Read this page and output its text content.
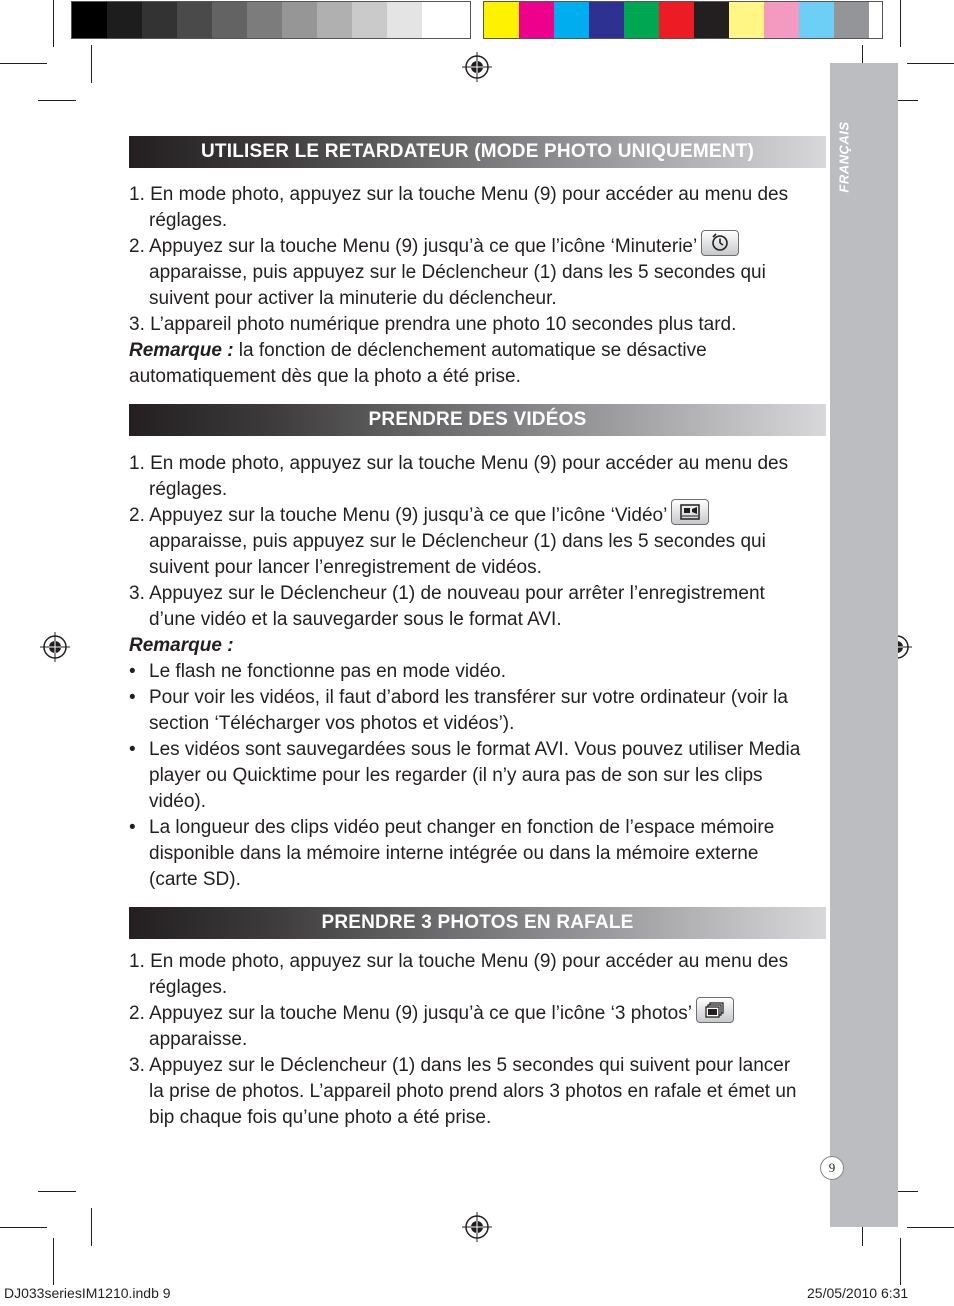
FRANÇAIS
9
UTILISER LE RETARDATEUR (MODE PHOTO UNIQUEMENT)
1. En mode photo, appuyez sur la touche Menu (9) pour accéder au menu des
réglages.
2. Appuyez sur la touche Menu (9) jusqu’à ce que l’icône ‘Minuterie’
apparaisse, puis appuyez sur le Déclencheur (1) dans les 5 secondes qui
suivent pour activer la minuterie du déclencheur.
3. L’appareil photo numérique prendra une photo 10 secondes plus tard.
Remarque : la fonction de déclenchement automatique se désactive
automatiquement dès que la photo a été prise.
PRENDRE DES VIDÉOS
1. En mode photo, appuyez sur la touche Menu (9) pour accéder au menu des
réglages.
2. Appuyez sur la touche Menu (9) jusqu’à ce que l’icône ‘Vidéo’
apparaisse, puis appuyez sur le Déclencheur (1) dans les 5 secondes qui
suivent pour lancer l’enregistrement de vidéos.
3. Appuyez sur le Déclencheur (1) de nouveau pour arrêter l’enregistrement
d’une vidéo et la sauvegarder sous le format AVI.
Remarque :
• Le flash ne fonctionne pas en mode vidéo.
• Pour voir les vidéos, il faut d’abord les transférer sur votre ordinateur (voir la
section ‘Télécharger vos photos et vidéos’).
• Les vidéos sont sauvegardées sous le format AVI. Vous pouvez utiliser Media
player ou Quicktime pour les regarder (il n’y aura pas de son sur les clips
vidéo).
• La longueur des clips vidéo peut changer en fonction de l’espace mémoire
disponible dans la mémoire interne intégrée ou dans la mémoire externe
(carte SD).
PRENDRE 3 PHOTOS EN RAFALE
1. En mode photo, appuyez sur la touche Menu (9) pour accéder au menu des
réglages.
2. Appuyez sur la touche Menu (9) jusqu’à ce que l’icône ‘3 photos’
apparaisse.
3. Appuyez sur le Déclencheur (1) dans les 5 secondes qui suivent pour lancer
la prise de photos. L’appareil photo prend alors 3 photos en rafale et émet un
bip chaque fois qu’une photo a été prise.
DJ033seriesIM1210.indb 9	25/05/2010 6:31
